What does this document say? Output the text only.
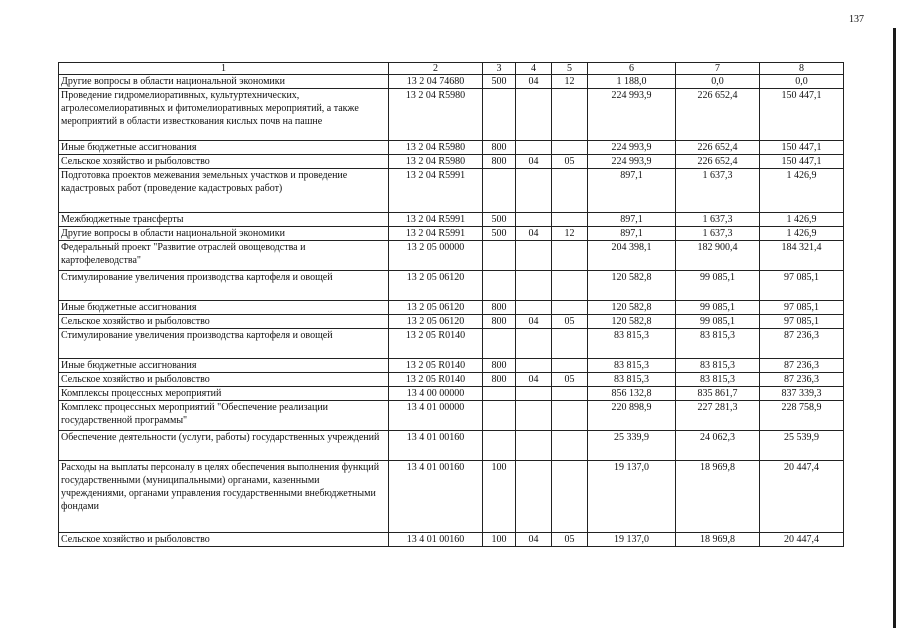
137
1	2	3	4	5	6	7	8
Другие вопросы в области национальной экономики	13 2 04 74680	500	04	12	1 188,0	0,0	0,0
Проведение гидромелиоративных, культуртехнических, агролесомелиоративных и фитомелиоративных мероприятий, а также мероприятий в области известкования кислых почв на пашне	13 2 04 R5980				224 993,9	226 652,4	150 447,1
Иные бюджетные ассигнования	13 2 04 R5980	800			224 993,9	226 652,4	150 447,1
Сельское хозяйство и рыболовство	13 2 04 R5980	800	04	05	224 993,9	226 652,4	150 447,1
Подготовка проектов межевания земельных участков и проведение кадастровых работ (проведение кадастровых работ)	13 2 04 R5991				897,1	1 637,3	1 426,9
Межбюджетные трансферты	13 2 04 R5991	500			897,1	1 637,3	1 426,9
Другие вопросы в области национальной экономики	13 2 04 R5991	500	04	12	897,1	1 637,3	1 426,9
Федеральный проект "Развитие отраслей овощеводства и картофелеводства"	13 2 05 00000				204 398,1	182 900,4	184 321,4
Стимулирование увеличения производства картофеля и овощей	13 2 05 06120				120 582,8	99 085,1	97 085,1
Иные бюджетные ассигнования	13 2 05 06120	800			120 582,8	99 085,1	97 085,1
Сельское хозяйство и рыболовство	13 2 05 06120	800	04	05	120 582,8	99 085,1	97 085,1
Стимулирование увеличения производства картофеля и овощей	13 2 05 R0140				83 815,3	83 815,3	87 236,3
Иные бюджетные ассигнования	13 2 05 R0140	800			83 815,3	83 815,3	87 236,3
Сельское хозяйство и рыболовство	13 2 05 R0140	800	04	05	83 815,3	83 815,3	87 236,3
Комплексы процессных мероприятий	13 4 00 00000				856 132,8	835 861,7	837 339,3
Комплекс процессных мероприятий "Обеспечение реализации государственной программы"	13 4 01 00000				220 898,9	227 281,3	228 758,9
Обеспечение деятельности (услуги, работы) государственных учреждений	13 4 01 00160				25 339,9	24 062,3	25 539,9
Расходы на выплаты персоналу в целях обеспечения выполнения функций государственными (муниципальными) органами, казенными учреждениями, органами управления государственными внебюджетными фондами	13 4 01 00160	100			19 137,0	18 969,8	20 447,4
Сельское хозяйство и рыболовство	13 4 01 00160	100	04	05	19 137,0	18 969,8	20 447,4
